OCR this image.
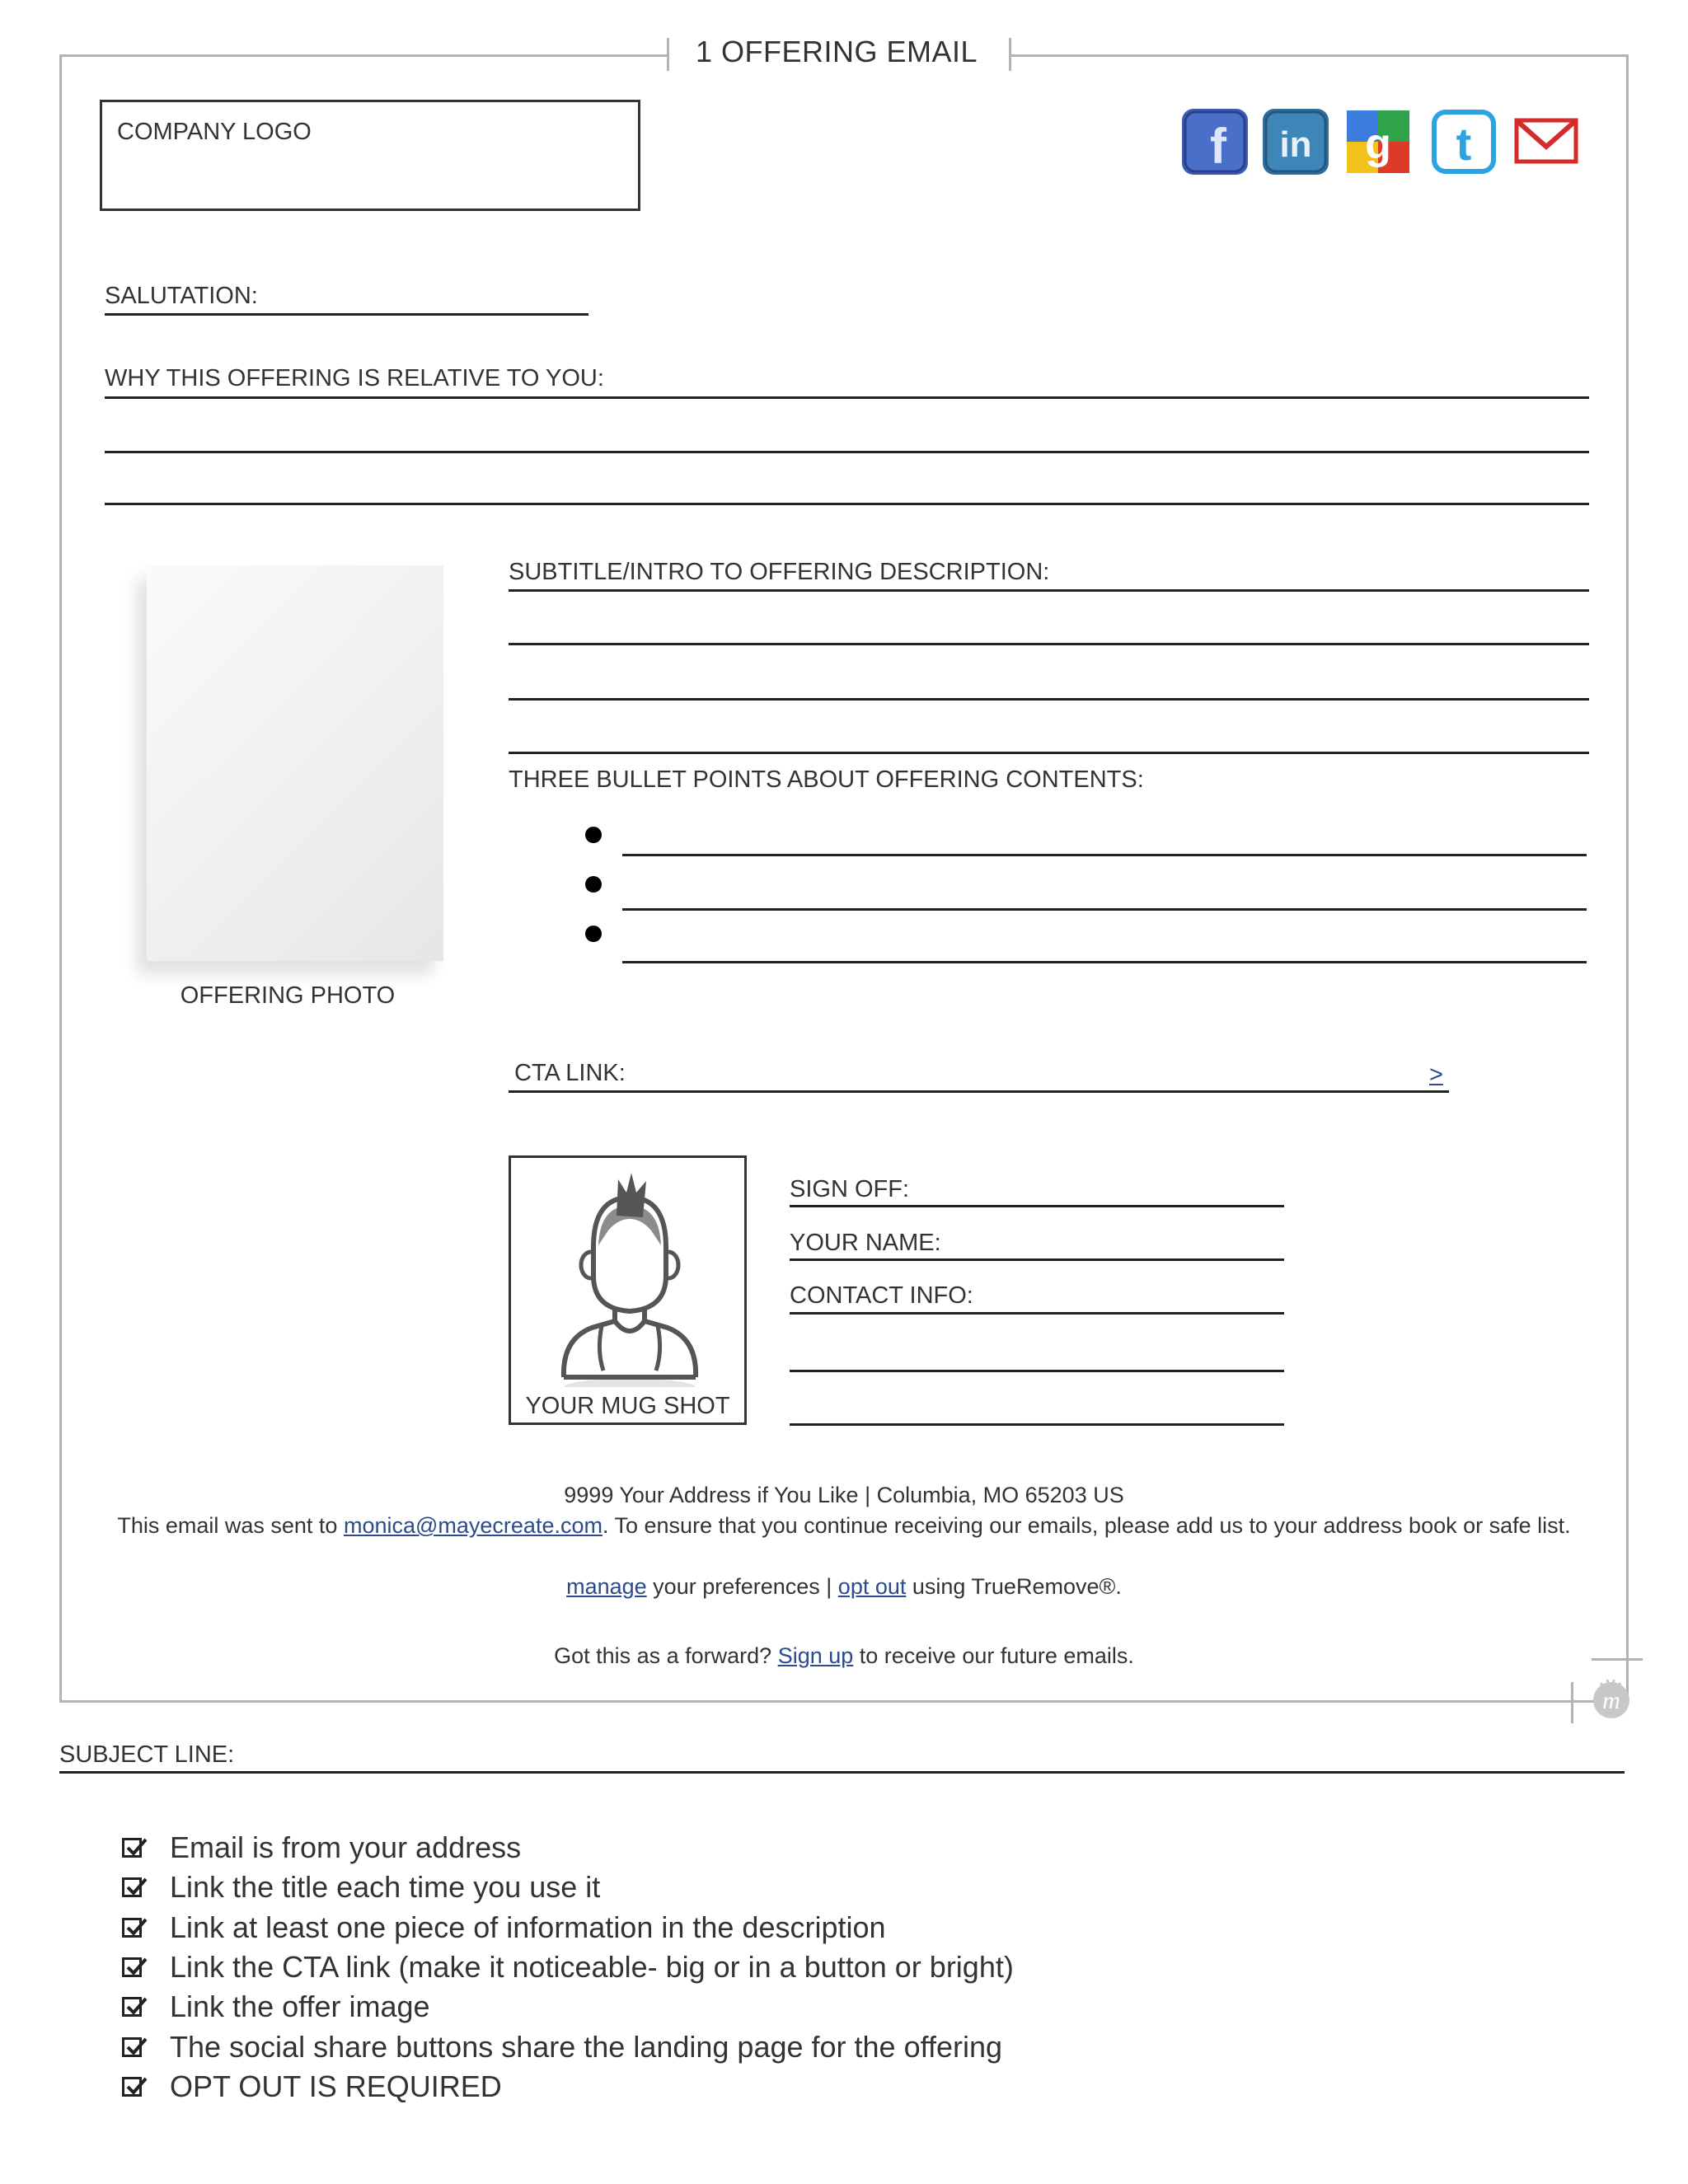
1 OFFERING EMAIL
m
COMPANY LOGO	f in g t
SALUTATION:
WHY THIS OFFERING IS RELATIVE TO YOU:
OFFERING PHOTO
SUBTITLE/INTRO TO OFFERING DESCRIPTION:
THREE BULLET POINTS ABOUT OFFERING CONTENTS:
CTA LINK:	>
YOUR MUG SHOT
SIGN OFF:
YOUR NAME:
CONTACT INFO:
9999 Your Address if You Like | Columbia, MO 65203 US
This email was sent to monica@mayecreate.com. To ensure that you continue receiving our emails, please add us to your address book or safe list.
manage your preferences | opt out using TrueRemove®.
Got this as a forward? Sign up to receive our future emails.
SUBJECT LINE:
Email is from your address
Link the title each time you use it
Link at least one piece of information in the description
Link the CTA link (make it noticeable- big or in a button or bright)
Link the offer image
The social share buttons share the landing page for the offering
OPT OUT IS REQUIRED
